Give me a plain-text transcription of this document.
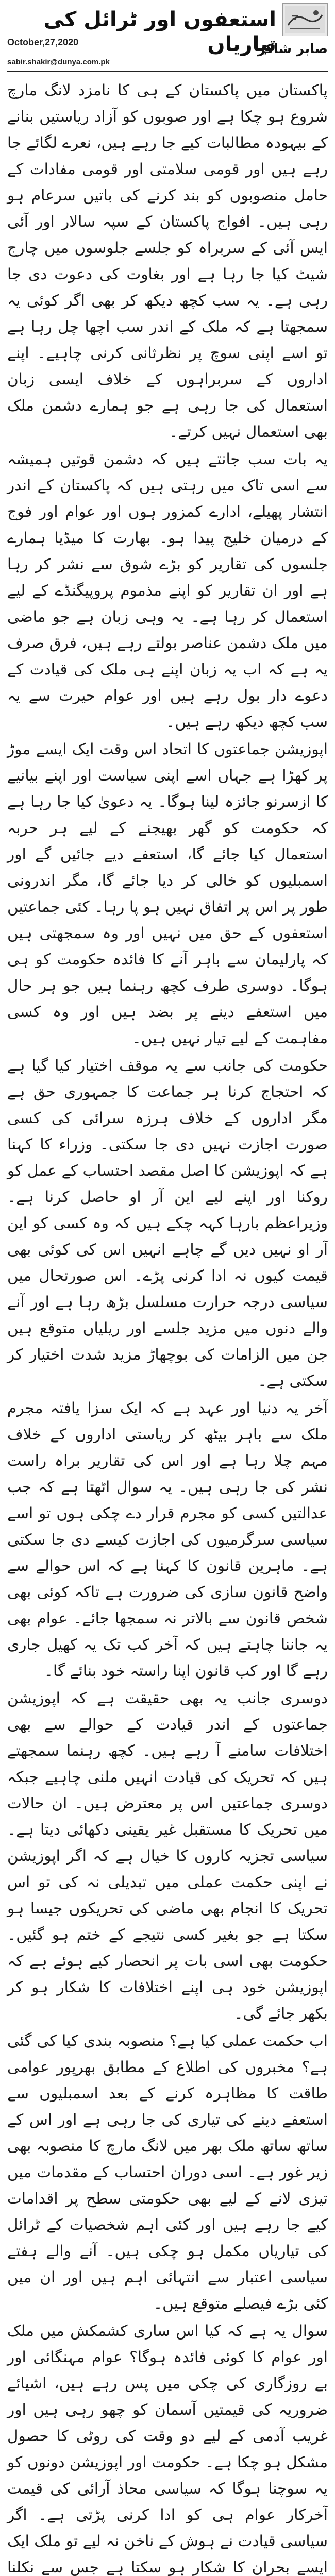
استعفوں اور ٹرائل کی تیاریاں
صابر شاکر
October,27,2020
sabir.shakir@dunya.com.pk

پاکستان میں پاکستان کے ہی کا نامزد لانگ مارچ شروع ہو چکا ہے اور صوبوں کو آزاد ریاستیں بنانے کے بیہودہ مطالبات کیے جا رہے ہیں، نعرے لگائے جا رہے ہیں اور قومی سلامتی اور قومی مفادات کے حامل منصوبوں کو بند کرنے کی باتیں سرعام ہو رہی ہیں۔ افواج پاکستان کے سپہ سالار اور آئی ایس آئی کے سربراہ کو جلسے جلوسوں میں چارج شیٹ کیا جا رہا ہے اور بغاوت کی دعوت دی جا رہی ہے۔ یہ سب کچھ دیکھ کر بھی اگر کوئی یہ سمجھتا ہے کہ ملک کے اندر سب اچھا چل رہا ہے تو اسے اپنی سوچ پر نظرثانی کرنی چاہیے۔ اپنے اداروں کے سربراہوں کے خلاف ایسی زبان استعمال کی جا رہی ہے جو ہمارے دشمن ملک بھی استعمال نہیں کرتے۔

یہ بات سب جانتے ہیں کہ دشمن قوتیں ہمیشہ سے اسی تاک میں رہتی ہیں کہ پاکستان کے اندر انتشار پھیلے، ادارے کمزور ہوں اور عوام اور فوج کے درمیان خلیج پیدا ہو۔ بھارت کا میڈیا ہمارے جلسوں کی تقاریر کو بڑے شوق سے نشر کر رہا ہے اور ان تقاریر کو اپنے مذموم پروپیگنڈے کے لیے استعمال کر رہا ہے۔ یہ وہی زبان ہے جو ماضی میں ملک دشمن عناصر بولتے رہے ہیں، فرق صرف یہ ہے کہ اب یہ زبان اپنے ہی ملک کی قیادت کے دعوے دار بول رہے ہیں اور عوام حیرت سے یہ سب کچھ دیکھ رہے ہیں۔

اپوزیشن جماعتوں کا اتحاد اس وقت ایک ایسے موڑ پر کھڑا ہے جہاں اسے اپنی سیاست اور اپنے بیانیے کا ازسرنو جائزہ لینا ہوگا۔ یہ دعویٰ کیا جا رہا ہے کہ حکومت کو گھر بھیجنے کے لیے ہر حربہ استعمال کیا جائے گا، استعفے دیے جائیں گے اور اسمبلیوں کو خالی کر دیا جائے گا، مگر اندرونی طور پر اس پر اتفاق نہیں ہو پا رہا۔ کئی جماعتیں استعفوں کے حق میں نہیں اور وہ سمجھتی ہیں کہ پارلیمان سے باہر آنے کا فائدہ حکومت کو ہی ہوگا۔ دوسری طرف کچھ رہنما ہیں جو ہر حال میں استعفے دینے پر بضد ہیں اور وہ کسی مفاہمت کے لیے تیار نہیں ہیں۔

حکومت کی جانب سے یہ موقف اختیار کیا گیا ہے کہ احتجاج کرنا ہر جماعت کا جمہوری حق ہے مگر اداروں کے خلاف ہرزہ سرائی کی کسی صورت اجازت نہیں دی جا سکتی۔ وزراء کا کہنا ہے کہ اپوزیشن کا اصل مقصد احتساب کے عمل کو روکنا اور اپنے لیے این آر او حاصل کرنا ہے۔ وزیراعظم بارہا کہہ چکے ہیں کہ وہ کسی کو این آر او نہیں دیں گے چاہے انہیں اس کی کوئی بھی قیمت کیوں نہ ادا کرنی پڑے۔ اس صورتحال میں سیاسی درجہ حرارت مسلسل بڑھ رہا ہے اور آنے والے دنوں میں مزید جلسے اور ریلیاں متوقع ہیں جن میں الزامات کی بوچھاڑ مزید شدت اختیار کر سکتی ہے۔

آخر یہ دنیا اور عہد ہے کہ ایک سزا یافتہ مجرم ملک سے باہر بیٹھ کر ریاستی اداروں کے خلاف مہم چلا رہا ہے اور اس کی تقاریر براہ راست نشر کی جا رہی ہیں۔ یہ سوال اٹھتا ہے کہ جب عدالتیں کسی کو مجرم قرار دے چکی ہوں تو اسے سیاسی سرگرمیوں کی اجازت کیسے دی جا سکتی ہے۔ ماہرین قانون کا کہنا ہے کہ اس حوالے سے واضح قانون سازی کی ضرورت ہے تاکہ کوئی بھی شخص قانون سے بالاتر نہ سمجھا جائے۔ عوام بھی یہ جاننا چاہتے ہیں کہ آخر کب تک یہ کھیل جاری رہے گا اور کب قانون اپنا راستہ خود بنائے گا۔

دوسری جانب یہ بھی حقیقت ہے کہ اپوزیشن جماعتوں کے اندر قیادت کے حوالے سے بھی اختلافات سامنے آ رہے ہیں۔ کچھ رہنما سمجھتے ہیں کہ تحریک کی قیادت انہیں ملنی چاہیے جبکہ دوسری جماعتیں اس پر معترض ہیں۔ ان حالات میں تحریک کا مستقبل غیر یقینی دکھائی دیتا ہے۔ سیاسی تجزیہ کاروں کا خیال ہے کہ اگر اپوزیشن نے اپنی حکمت عملی میں تبدیلی نہ کی تو اس تحریک کا انجام بھی ماضی کی تحریکوں جیسا ہو سکتا ہے جو بغیر کسی نتیجے کے ختم ہو گئیں۔ حکومت بھی اسی بات پر انحصار کیے ہوئے ہے کہ اپوزیشن خود ہی اپنے اختلافات کا شکار ہو کر بکھر جائے گی۔

اب حکمت عملی کیا ہے؟ منصوبہ بندی کیا کی گئی ہے؟ مخبروں کی اطلاع کے مطابق بھرپور عوامی طاقت کا مظاہرہ کرنے کے بعد اسمبلیوں سے استعفے دینے کی تیاری کی جا رہی ہے اور اس کے ساتھ ساتھ ملک بھر میں لانگ مارچ کا منصوبہ بھی زیر غور ہے۔ اسی دوران احتساب کے مقدمات میں تیزی لانے کے لیے بھی حکومتی سطح پر اقدامات کیے جا رہے ہیں اور کئی اہم شخصیات کے ٹرائل کی تیاریاں مکمل ہو چکی ہیں۔ آنے والے ہفتے سیاسی اعتبار سے انتہائی اہم ہیں اور ان میں کئی بڑے فیصلے متوقع ہیں۔

سوال یہ ہے کہ کیا اس ساری کشمکش میں ملک اور عوام کا کوئی فائدہ ہوگا؟ عوام مہنگائی اور بے روزگاری کی چکی میں پس رہے ہیں، اشیائے ضروریہ کی قیمتیں آسمان کو چھو رہی ہیں اور غریب آدمی کے لیے دو وقت کی روٹی کا حصول مشکل ہو چکا ہے۔ حکومت اور اپوزیشن دونوں کو یہ سوچنا ہوگا کہ سیاسی محاذ آرائی کی قیمت آخرکار عوام ہی کو ادا کرنی پڑتی ہے۔ اگر سیاسی قیادت نے ہوش کے ناخن نہ لیے تو ملک ایک ایسے بحران کا شکار ہو سکتا ہے جس سے نکلنا
